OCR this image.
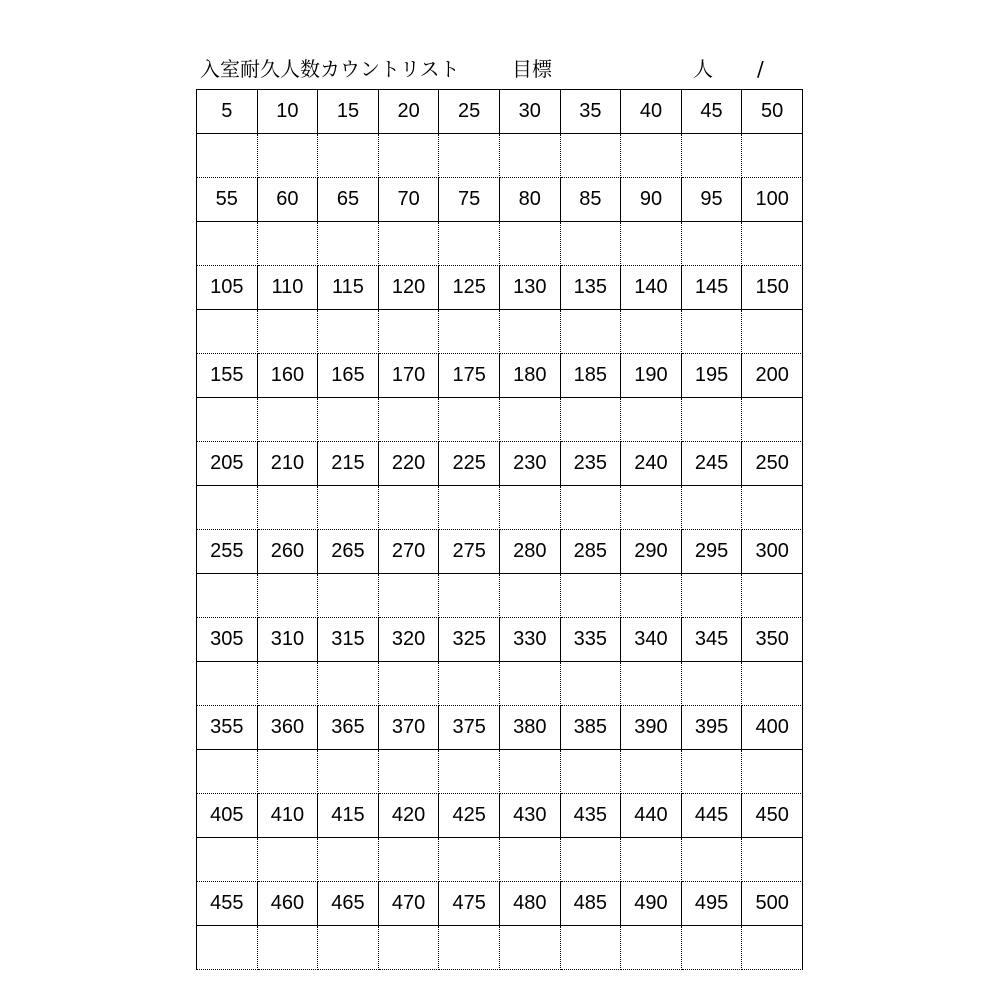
入室耐久人数カウントリスト	目標	人 /
5	10	15	20	25	30	35	40	45	50
55	60	65	70	75	80	85	90	95	100
105	110	115	120	125	130	135	140	145	150
155	160	165	170	175	180	185	190	195	200
205	210	215	220	225	230	235	240	245	250
255	260	265	270	275	280	285	290	295	300
305	310	315	320	325	330	335	340	345	350
355	360	365	370	375	380	385	390	395	400
405	410	415	420	425	430	435	440	445	450
455	460	465	470	475	480	485	490	495	500
